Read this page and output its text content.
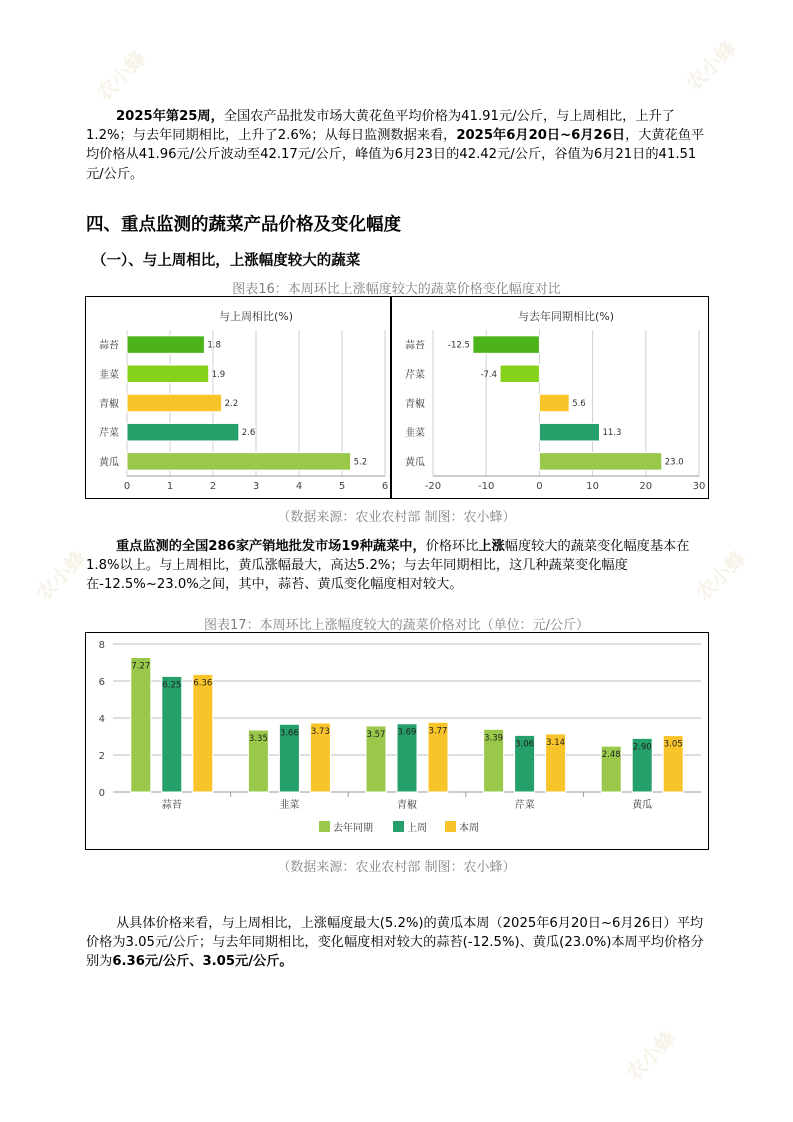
农小蜂	农小蜂
农小蜂	农小蜂
农小蜂

2025年第25周，全国农产品批发市场大黄花鱼平均价格为41.91元/公斤，与上周相比，上升了1.2%；与去年同期相比，上升了2.6%；从每日监测数据来看，2025年6月20日~6月26日，大黄花鱼平均价格从41.96元/公斤波动至42.17元/公斤，峰值为6月23日的42.42元/公斤，谷值为6月21日的41.51元/公斤。

四、重点监测的蔬菜产品价格及变化幅度
（一）、与上周相比，上涨幅度较大的蔬菜

图表16：本周环比上涨幅度较大的蔬菜价格变化幅度对比

与上周相比(%)
0	1	2	3	4	5	6
蒜苔	1.8
韭菜	1.9
青椒	2.2
芹菜	2.6
黄瓜	5.2
与去年同期相比(%)
-20	-10	0	10	20	30
蒜苔	-12.5
芹菜	-7.4
青椒	5.6
韭菜	11.3
黄瓜	23.0

（数据来源：农业农村部 制图：农小蜂）

重点监测的全国286家产销地批发市场19种蔬菜中，价格环比上涨幅度较大的蔬菜变化幅度基本在1.8%以上。与上周相比，黄瓜涨幅最大，高达5.2%；与去年同期相比，这几种蔬菜变化幅度在-12.5%~23.0%之间，其中，蒜苔、黄瓜变化幅度相对较大。

图表17：本周环比上涨幅度较大的蔬菜价格对比（单位：元/公斤）

0
2
4
6
8
蒜苔
7.27
6.25 6.36
韭菜
3.35
3.66 3.73
青椒
3.57 3.69 3.77
芹菜
3.39
3.06 3.14
黄瓜
2.48
2.90 3.05
去年同期	上周	本周

（数据来源：农业农村部 制图：农小蜂）

从具体价格来看，与上周相比，上涨幅度最大(5.2%)的黄瓜本周（2025年6月20日~6月26日）平均价格为3.05元/公斤；与去年同期相比，变化幅度相对较大的蒜苔(-12.5%)、黄瓜(23.0%)本周平均价格分别为6.36元/公斤、3.05元/公斤。
